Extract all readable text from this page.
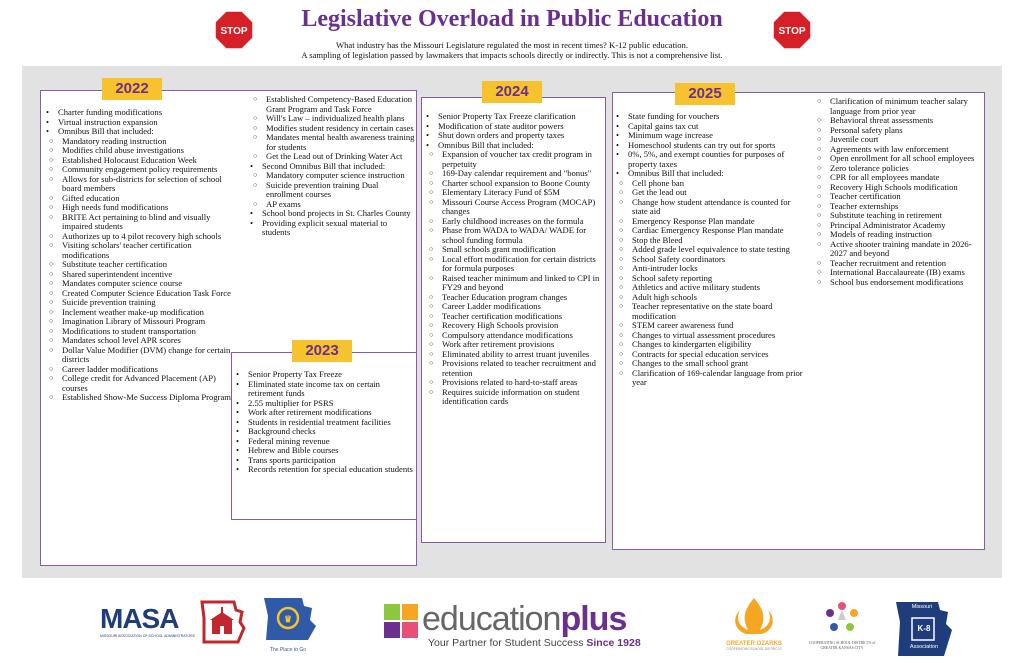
STOP	STOP
Legislative Overload in Public Education
What industry has the Missouri Legislature regulated the most in recent times? K-12 public education.
A sampling of legislation passed by lawmakers that impacts schools directly or indirectly. This is not a comprehensive list.
2022
• Charter funding modifications
• Virtual instruction expansion
• Omnibus Bill that included:
○ Mandatory reading instruction
○ Modifies child abuse investigations
○ Established Holocaust Education Week
○ Community engagement policy requirements
○ Allows for sub-districts for selection of school board members
○ Gifted education
○ High needs fund modifications
○ BRITE Act pertaining to blind and visually impaired students
○ Authorizes up to 4 pilot recovery high schools
○ Visiting scholars' teacher certification modifications
○ Substitute teacher certification
○ Shared superintendent incentive
○ Mandates computer science course
○ Created Computer Science Education Task Force
○ Suicide prevention training
○ Inclement weather make-up modification
○ Imagination Library of Missouri Program
○ Modifications to student transportation
○ Mandates school level APR scores
○ Dollar Value Modifier (DVM) change for certain districts
○ Career ladder modifications
○ College credit for Advanced Placement (AP) courses
○ Established Show-Me Success Diploma Program
○ Established Competency-Based Education Grant Program and Task Force
○ Will's Law – individualized health plans
○ Modifies student residency in certain cases
○ Mandates mental health awareness training for students
○ Get the Lead out of Drinking Water Act
• Second Omnibus Bill that included:
○ Mandatory computer science instruction
○ Suicide prevention training Dual enrollment courses
○ AP exams
• School bond projects in St. Charles County
• Providing explicit sexual material to students
2023
• Senior Property Tax Freeze
• Eliminated state income tax on certain retirement funds
• 2.55 multiplier for PSRS
• Work after retirement modifications
• Students in residential treatment facilities
• Background checks
• Federal mining revenue
• Hebrew and Bible courses
• Trans sports participation
• Records retention for special education students
2024
• Senior Property Tax Freeze clarification
• Modification of state auditor powers
• Shut down orders and property taxes
• Omnibus Bill that included:
○ Expansion of voucher tax credit program in perpetuity
○ 169-Day calendar requirement and "bonus"
○ Charter school expansion to Boone County
○ Elementary Literacy Fund of $5M
○ Missouri Course Access Program (MOCAP) changes
○ Early childhood increases on the formula
○ Phase from WADA to WADA/ WADE for school funding formula
○ Small schools grant modification
○ Local effort modification for certain districts for formula purposes
○ Raised teacher minimum and linked to CPI in FY29 and beyond
○ Teacher Education program changes
○ Career Ladder modifications
○ Teacher certification modifications
○ Recovery High Schools provision
○ Compulsory attendance modifications
○ Work after retirement provisions
○ Eliminated ability to arrest truant juveniles
○ Provisions related to teacher recruitment and retention
○ Provisions related to hard-to-staff areas
○ Requires suicide information on student identification cards
2025
• State funding for vouchers
• Capital gains tax cut
• Minimum wage increase
• Homeschool students can try out for sports
• 0%, 5%, and exempt counties for purposes of property taxes
• Omnibus Bill that included:
○ Cell phone ban
○ Get the lead out
○ Change how student attendance is counted for state aid
○ Emergency Response Plan mandate
○ Cardiac Emergency Response Plan mandate
○ Stop the Bleed
○ Added grade level equivalence to state testing
○ School Safety coordinators
○ Anti-intruder locks
○ School safety reporting
○ Athletics and active military students
○ Adult high schools
○ Teacher representative on the state board modification
○ STEM career awareness fund
○ Changes to virtual assessment procedures
○ Changes to kindergarten eligibility
○ Contracts for special education services
○ Changes to the small school grant
○ Clarification of 169-calendar language from prior year
○ Clarification of minimum teacher salary language from prior year
○ Behavioral threat assessments
○ Personal safety plans
○ Juvenile court
○ Agreements with law enforcement
○ Open enrollment for all school employees
○ Zero tolerance policies
○ CPR for all employees mandate
○ Recovery High Schools modification
○ Teacher certification
○ Teacher externships
○ Substitute teaching in retirement
○ Principal Administrator Academy
○ Models of reading instruction
○ Active shooter training mandate in 2026-2027 and beyond
○ Teacher recruitment and retention
○ International Baccalaureate (IB) exams
○ School bus endorsement modifications
MASA
MISSOURI ASSOCIATION OF SCHOOL ADMINISTRATORS
♛
The Place to Go
educationplus
Your Partner for Student Success Since 1928	GREATER OZARKS
COOPERATING SCHOOL DISTRICTS
COOPERATING SCHOOL DISTRICTS of GREATER KANSAS CITY
Missouri
K-8
Association
